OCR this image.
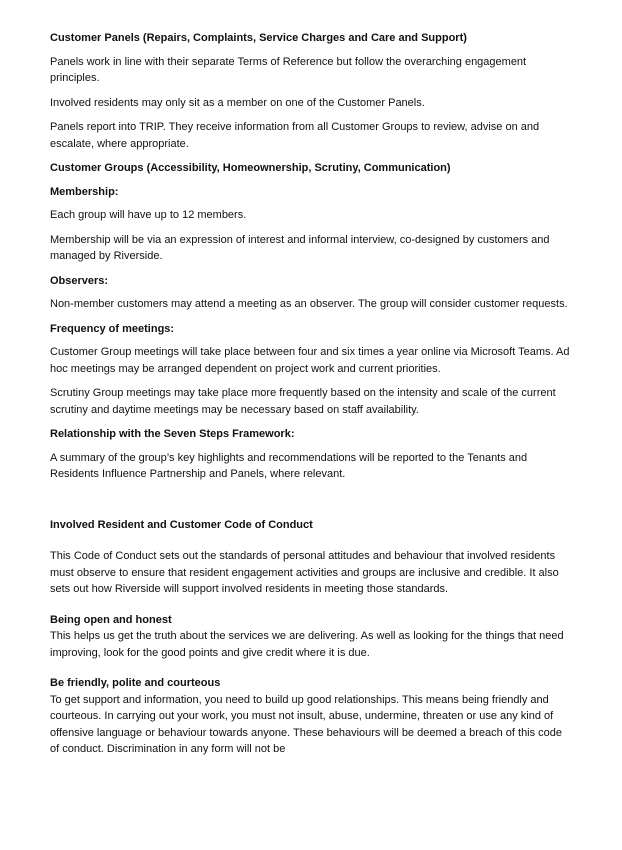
Customer Panels (Repairs, Complaints, Service Charges and Care and Support)

Panels work in line with their separate Terms of Reference but follow the overarching engagement principles.

Involved residents may only sit as a member on one of the Customer Panels.

Panels report into TRIP. They receive information from all Customer Groups to review, advise on and escalate, where appropriate.

Customer Groups (Accessibility, Homeownership, Scrutiny, Communication)

Membership:

Each group will have up to 12 members.

Membership will be via an expression of interest and informal interview, co-designed by customers and managed by Riverside.

Observers:

Non-member customers may attend a meeting as an observer. The group will consider customer requests.

Frequency of meetings:

Customer Group meetings will take place between four and six times a year online via Microsoft Teams. Ad hoc meetings may be arranged dependent on project work and current priorities.

Scrutiny Group meetings may take place more frequently based on the intensity and scale of the current scrutiny and daytime meetings may be necessary based on staff availability.

Relationship with the Seven Steps Framework:

A summary of the group’s key highlights and recommendations will be reported to the Tenants and Residents Influence Partnership and Panels, where relevant.

Involved Resident and Customer Code of Conduct

This Code of Conduct sets out the standards of personal attitudes and behaviour that involved residents must observe to ensure that resident engagement activities and groups are inclusive and credible. It also sets out how Riverside will support involved residents in meeting those standards.

Being open and honest

This helps us get the truth about the services we are delivering. As well as looking for the things that need improving, look for the good points and give credit where it is due.

Be friendly, polite and courteous

To get support and information, you need to build up good relationships. This means being friendly and courteous. In carrying out your work, you must not insult, abuse, undermine, threaten or use any kind of offensive language or behaviour towards anyone. These behaviours will be deemed a breach of this code of conduct. Discrimination in any form will not be
